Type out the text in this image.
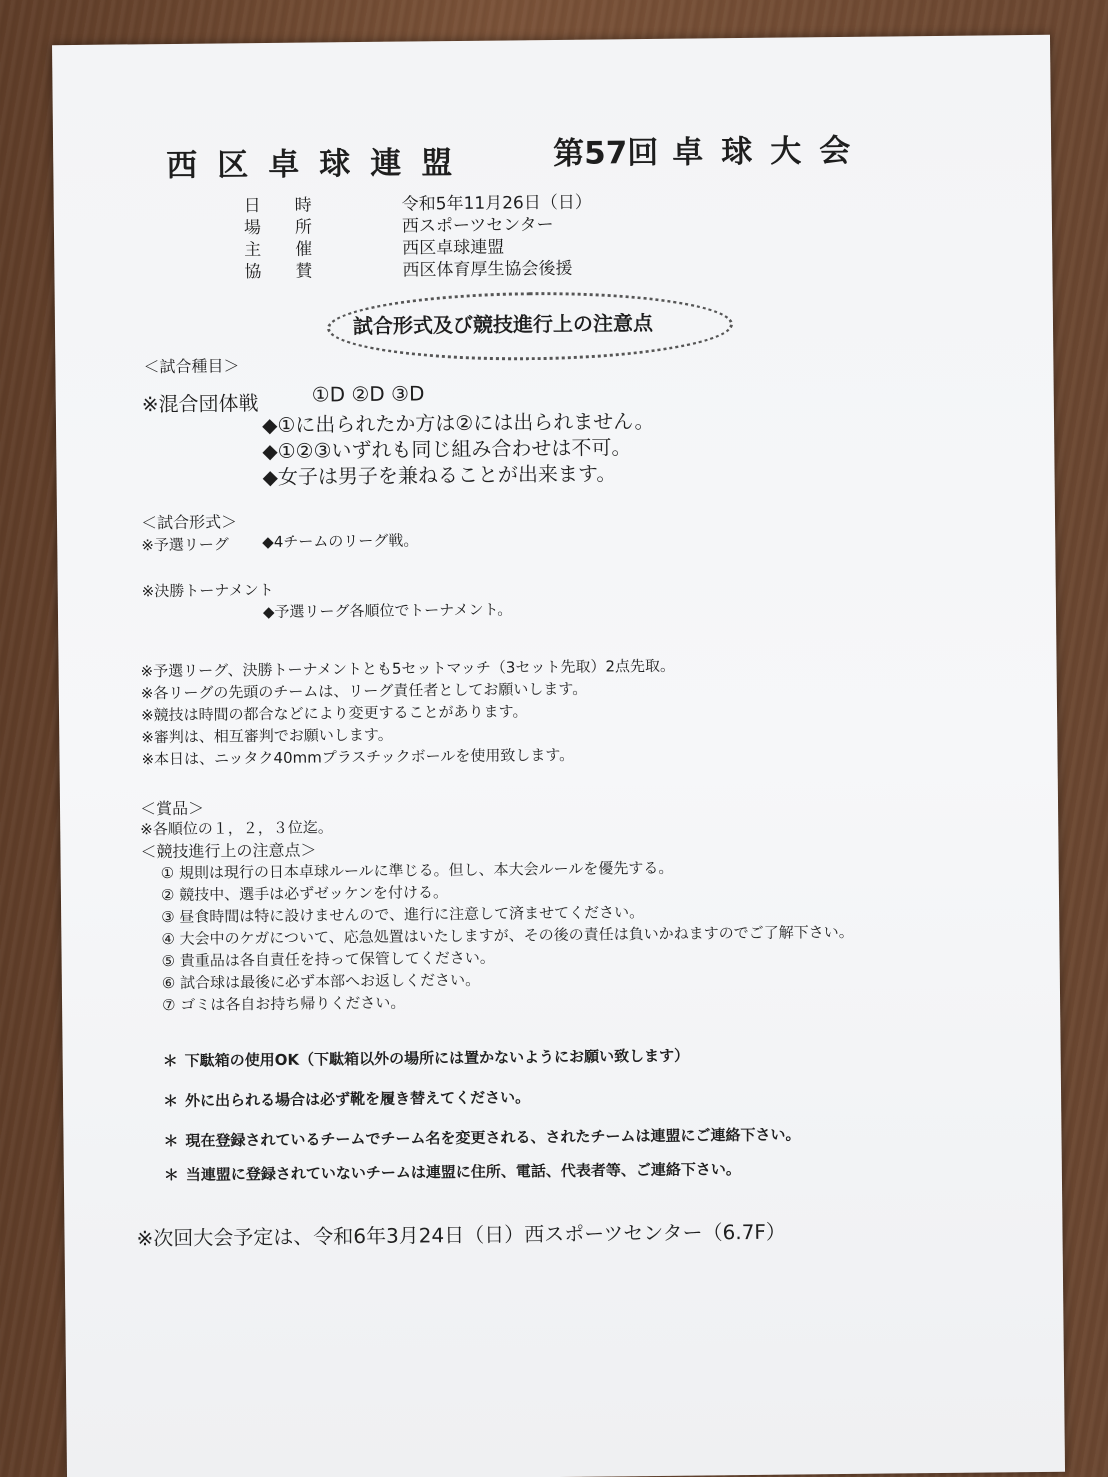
西区卓球連盟	第57回 卓球大会
日時	令和5年11月26日（日）
場所	西スポーツセンター
主催	西区卓球連盟
協賛	西区体育厚生協会後援
試合形式及び競技進行上の注意点
＜試合種目＞
※混合団体戦	①D ②D ③D
◆①に出られたか方は②には出られません。
◆①②③いずれも同じ組み合わせは不可。
◆女子は男子を兼ねることが出来ます。
＜試合形式＞
※予選リーグ ◆4チームのリーグ戦。
※決勝トーナメント
◆予選リーグ各順位でトーナメント。
※予選リーグ、決勝トーナメントとも5セットマッチ（3セット先取）2点先取。
※各リーグの先頭のチームは、リーグ責任者としてお願いします。
※競技は時間の都合などにより変更することがあります。
※審判は、相互審判でお願いします。
※本日は、ニッタク40mmプラスチックボールを使用致します。
＜賞品＞
※各順位の１，２，３位迄。
＜競技進行上の注意点＞
① 規則は現行の日本卓球ルールに準じる。但し、本大会ルールを優先する。
② 競技中、選手は必ずゼッケンを付ける。
③ 昼食時間は特に設けませんので、進行に注意して済ませてください。
④ 大会中のケガについて、応急処置はいたしますが、その後の責任は負いかねますのでご了解下さい。
⑤ 貴重品は各自責任を持って保管してください。
⑥ 試合球は最後に必ず本部へお返しください。
⑦ ゴミは各自お持ち帰りください。
＊ 下駄箱の使用OK（下駄箱以外の場所には置かないようにお願い致します）
＊ 外に出られる場合は必ず靴を履き替えてください。
＊ 現在登録されているチームでチーム名を変更される、されたチームは連盟にご連絡下さい。
＊ 当連盟に登録されていないチームは連盟に住所、電話、代表者等、ご連絡下さい。
※次回大会予定は、令和6年3月24日（日）西スポーツセンター（6.7F）
